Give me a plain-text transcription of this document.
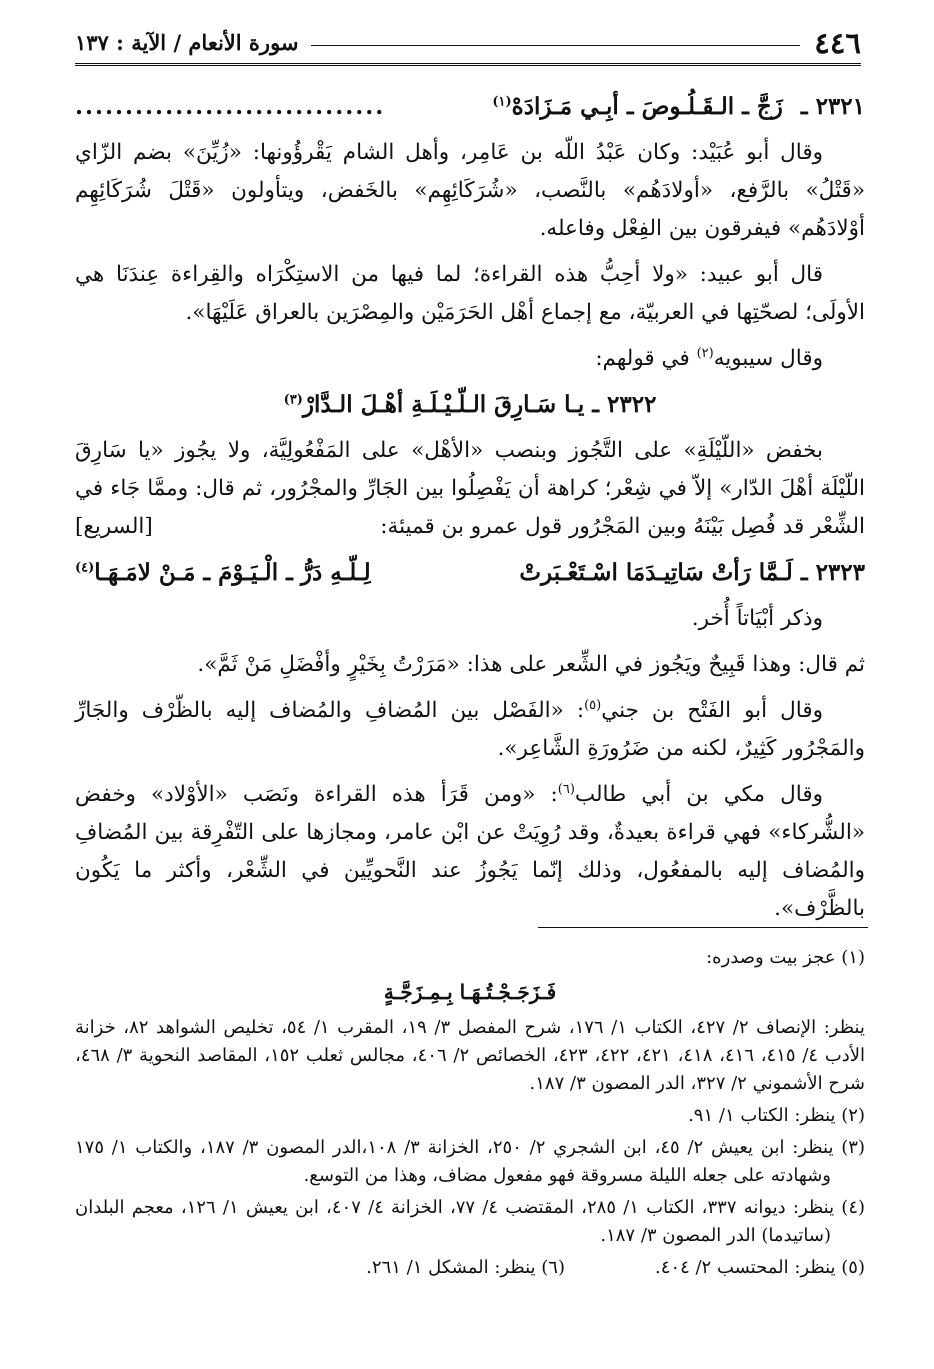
٤٤٦
سورة الأنعام / الآية : ١٣٧
٢٣٢١ ـ
زَجَّ ـ الـقَـلُـوصَ ـ أبِـي مَـزَادَهْ$^{(١)}$
...............................

وقال أبو عُبَيْد: وكان عَبْدُ اللّه بن عَامِر، وأهل الشام يَقْرؤُونها: «زُيِّنَ» بضم الزّاي «قَتْلُ» بالرَّفع، «أولادَهُم» بالنَّصب، «شُرَكَائِهِم» بالخَفض، ويتأولون «قَتْلَ شُرَكَائِهِم أوْلادَهُم» فيفرقون بين الفِعْل وفاعله.

قال أبو عبيد: «ولا أحِبُّ هذه القراءة؛ لما فيها من الاستِكْرَاه والقِراءة عِندَنَا هي الأولَى؛ لصحّتِها في العربيّة، مع إجماع أهْل الحَرَمَيْن والمِصْرَين بالعراق عَلَيْهَا».

وقال سيبويه$^{(٢)}$ في قولهم:

٢٣٢٢ ـ يـا سَـارِقَ الـلّـيْـلَـةِ أهْـلَ الـدَّارْ$^{(٣)}$

بخفض «اللّيْلَةِ» على التَّجُوز وبنصب «الأهْل» على المَفْعُولِيَّة، ولا يجُوز «يا سَارِقَ اللّيْلَة أهْلَ الدّار» إلاّ في شِعْر؛ كراهة أن يَفْصِلُوا بين الجَارِّ والمجْرُور، ثم قال: وممَّا جَاء في الشِّعْر قد فُصِل بَيْنَهُ وبين المَجْرُور قول عمرو بن قميئة:
[السريع]

٢٣٢٣ ـ لَـمَّا رَأتْ سَاتِيـدَمَا اسْـتَعْـبَرتْ
لِـلّـهِ دَرُّ ـ الْـيَـوْمَ ـ مَـنْ لامَـهَـا$^{(٤)}$

وذكر أبْيَاتاً أُخر.

ثم قال: وهذا قَبِيحٌ ويَجُوز في الشِّعر على هذا: «مَرَرْتُ بِخَيْرٍ وأفْضَلِ مَنْ ثَمَّ».

وقال أبو الفَتْح بن جني$^{(٥)}$: «الفَصْل بين المُضافِ والمُضاف إليه بالظّرْف والجَارِّ والمَجْرُور كَثِيرٌ، لكنه من ضَرُورَةِ الشَّاعِر».

وقال مكي بن أبي طالب$^{(٦)}$: «ومن قَرَأ هذه القراءة ونَصَب «الأوْلاد» وخفض «الشُّركاء» فهي قراءة بعيدةٌ، وقد رُوِيَتْ عن ابْن عامر، ومجازها على التّفْرِقة بين المُضافِ والمُضاف إليه بالمفعُول، وذلك إنّما يَجُوزُ عند النَّحويِّين في الشِّعْر، وأكثر ما يَكُون بالظَّرْف».

(١) عجز بيت وصدره:
فَـزَجَـجْـتُـهَـا بِـمِـزَجَّـةٍ
ينظر: الإنصاف ٢/ ٤٢٧، الكتاب ١/ ١٧٦، شرح المفصل ٣/ ١٩، المقرب ١/ ٥٤، تخليص الشواهد ٨٢، خزانة الأدب ٤/ ٤١٥، ٤١٦، ٤١٨، ٤٢١، ٤٢٢، ٤٢٣، الخصائص ٢/ ٤٠٦، مجالس ثعلب ١٥٢، المقاصد النحوية ٣/ ٤٦٨، شرح الأشموني ٢/ ٣٢٧، الدر المصون ٣/ ١٨٧.
(٢) ينظر: الكتاب ١/ ٩١.
(٣) ينظر: ابن يعيش ٢/ ٤٥، ابن الشجري ٢/ ٢٥٠، الخزانة ٣/ ١٠٨،الدر المصون ٣/ ١٨٧، والكتاب ١/ ١٧٥ وشهادته على جعله الليلة مسروقة فهو مفعول مضاف، وهذا من التوسع.
(٤) ينظر: ديوانه ٣٣٧، الكتاب ١/ ٢٨٥، المقتضب ٤/ ٧٧، الخزانة ٤/ ٤٠٧، ابن يعيش ١/ ١٢٦، معجم البلدان (ساتيدما) الدر المصون ٣/ ١٨٧.
(٥) ينظر: المحتسب ٢/ ٤٠٤.
(٦) ينظر: المشكل ١/ ٢٦١.
